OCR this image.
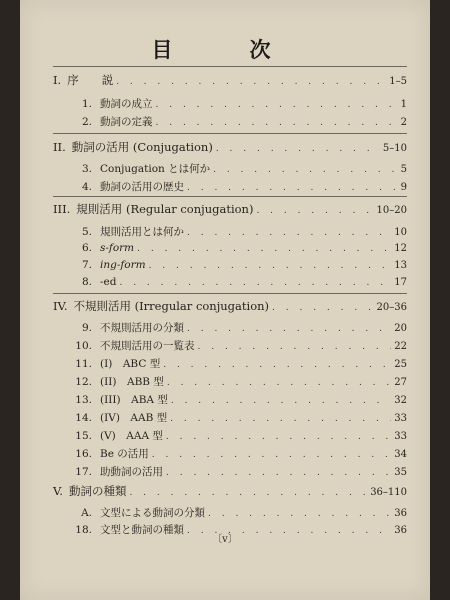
目　次
I. 序　　説 . . .	1–5
1. 動詞の成立 . . .	1
2. 動詞の定義 . . .	2
II. 動詞の活用 (Conjugation) . . .	5–10
3. Conjugation とは何か . . .	5
4. 動詞の活用の歴史 . . .	9
III. 規則活用 (Regular conjugation) . . .	10–20
5. 規則活用とは何か . . .	10
6. s-form . . .	12
7. ing-form . . .	13
8. -ed . . .	17
IV. 不規則活用 (Irregular conjugation) . . .	20–36
9. 不規則活用の分類 . . .	20
10. 不規則活用の一覧表 . . .	22
11. (I)　ABC 型 . . .	25
12. (II)　ABB 型 . . .	27
13. (III)　ABA 型 . . .	32
14. (IV)　AAB 型 . . .	33
15. (V)　AAA 型 . . .	33
16. Be の活用 . . .	34
17. 助動詞の活用 . . .	35
V. 動詞の種類 . . .	36–110
A. 文型による動詞の分類 . . .	36
18. 文型と動詞の種類 . . .	36
〔v〕
